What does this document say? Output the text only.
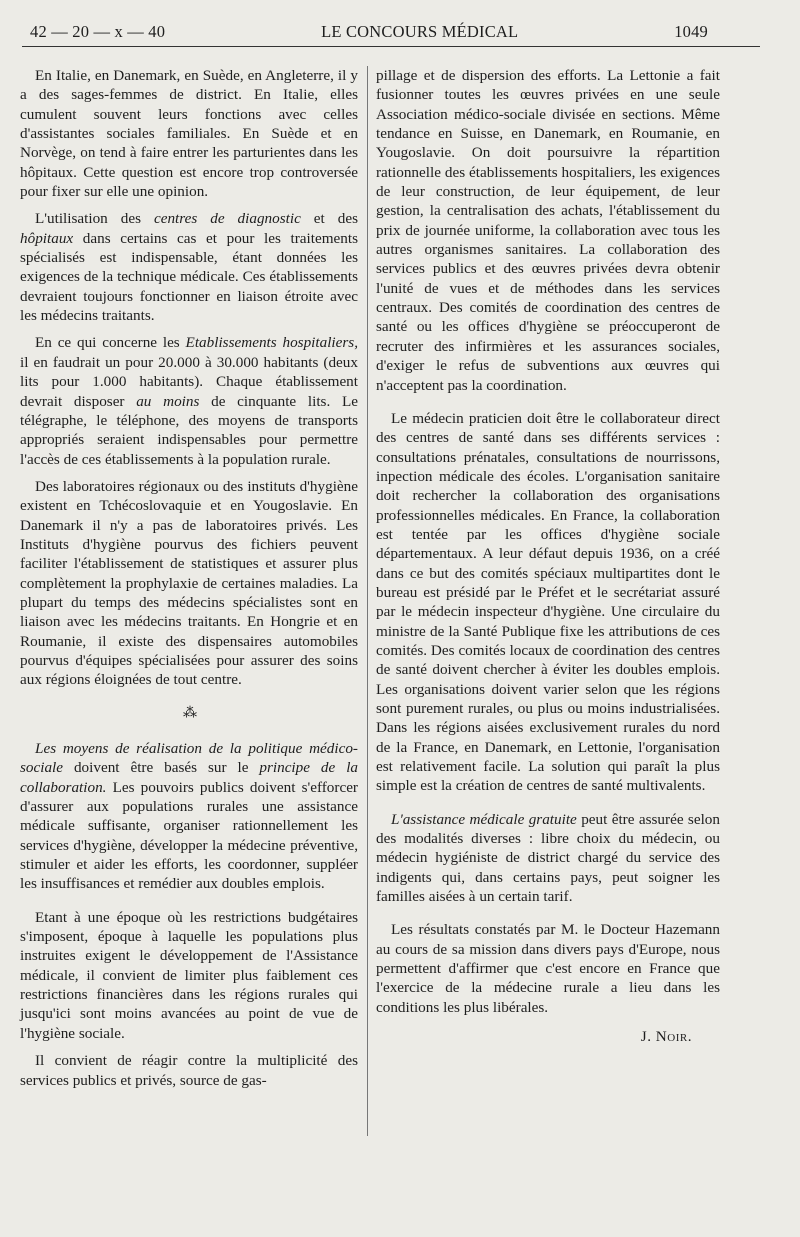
42 — 20 — x — 40	LE CONCOURS MÉDICAL	1049

En Italie, en Danemark, en Suède, en Angleterre, il y a des sages-femmes de district. En Italie, elles cumulent souvent leurs fonctions avec celles d'assistantes sociales familiales. En Suède et en Norvège, on tend à faire entrer les parturientes dans les hôpitaux. Cette question est encore trop controversée pour fixer sur elle une opinion.

L'utilisation des centres de diagnostic et des hôpitaux dans certains cas et pour les traitements spécialisés est indispensable, étant données les exigences de la technique médicale. Ces établissements devraient toujours fonctionner en liaison étroite avec les médecins traitants.

En ce qui concerne les Etablissements hospitaliers, il en faudrait un pour 20.000 à 30.000 habitants (deux lits pour 1.000 habitants). Chaque établissement devrait disposer au moins de cinquante lits. Le télégraphe, le téléphone, des moyens de transports appropriés seraient indispensables pour permettre l'accès de ces établissements à la population rurale.

Des laboratoires régionaux ou des instituts d'hygiène existent en Tchécoslovaquie et en Yougoslavie. En Danemark il n'y a pas de laboratoires privés. Les Instituts d'hygiène pourvus des fichiers peuvent faciliter l'établissement de statistiques et assurer plus complètement la prophylaxie de certaines maladies. La plupart du temps des médecins spécialistes sont en liaison avec les médecins traitants. En Hongrie et en Roumanie, il existe des dispensaires automobiles pourvus d'équipes spécialisées pour assurer des soins aux régions éloignées de tout centre.

⁂

Les moyens de réalisation de la politique médico-sociale doivent être basés sur le principe de la collaboration. Les pouvoirs publics doivent s'efforcer d'assurer aux populations rurales une assistance médicale suffisante, organiser rationnellement les services d'hygiène, développer la médecine préventive, stimuler et aider les efforts, les coordonner, suppléer les insuffisances et remédier aux doubles emplois.

Etant à une époque où les restrictions budgétaires s'imposent, époque à laquelle les populations plus instruites exigent le développement de l'Assistance médicale, il convient de limiter plus faiblement ces restrictions financières dans les régions rurales qui jusqu'ici sont moins avancées au point de vue de l'hygiène sociale.

Il convient de réagir contre la multiplicité des services publics et privés, source de gas-

pillage et de dispersion des efforts. La Lettonie a fait fusionner toutes les œuvres privées en une seule Association médico-sociale divisée en sections. Même tendance en Suisse, en Danemark, en Roumanie, en Yougoslavie. On doit poursuivre la répartition rationnelle des établissements hospitaliers, les exigences de leur construction, de leur équipement, de leur gestion, la centralisation des achats, l'établissement du prix de journée uniforme, la collaboration avec tous les autres organismes sanitaires. La collaboration des services publics et des œuvres privées devra obtenir l'unité de vues et de méthodes dans les services centraux. Des comités de coordination des centres de santé ou les offices d'hygiène se préoccuperont de recruter des infirmières et les assurances sociales, d'exiger le refus de subventions aux œuvres qui n'acceptent pas la coordination.

Le médecin praticien doit être le collaborateur direct des centres de santé dans ses différents services : consultations prénatales, consultations de nourrissons, inpection médicale des écoles. L'organisation sanitaire doit rechercher la collaboration des organisations professionnelles médicales. En France, la collaboration est tentée par les offices d'hygiène sociale départementaux. A leur défaut depuis 1936, on a créé dans ce but des comités spéciaux multipartites dont le bureau est présidé par le Préfet et le secrétariat assuré par le médecin inspecteur d'hygiène. Une circulaire du ministre de la Santé Publique fixe les attributions de ces comités. Des comités locaux de coordination des centres de santé doivent chercher à éviter les doubles emplois. Les organisations doivent varier selon que les régions sont purement rurales, ou plus ou moins industrialisées. Dans les régions aisées exclusivement rurales du nord de la France, en Danemark, en Lettonie, l'organisation est relativement facile. La solution qui paraît la plus simple est la création de centres de santé multivalents.

L'assistance médicale gratuite peut être assurée selon des modalités diverses : libre choix du médecin, ou médecin hygiéniste de district chargé du service des indigents qui, dans certains pays, peut soigner les familles aisées à un certain tarif.

Les résultats constatés par M. le Docteur Hazemann au cours de sa mission dans divers pays d'Europe, nous permettent d'affirmer que c'est encore en France que l'exercice de la médecine rurale a lieu dans les conditions les plus libérales.

J. Noir.
